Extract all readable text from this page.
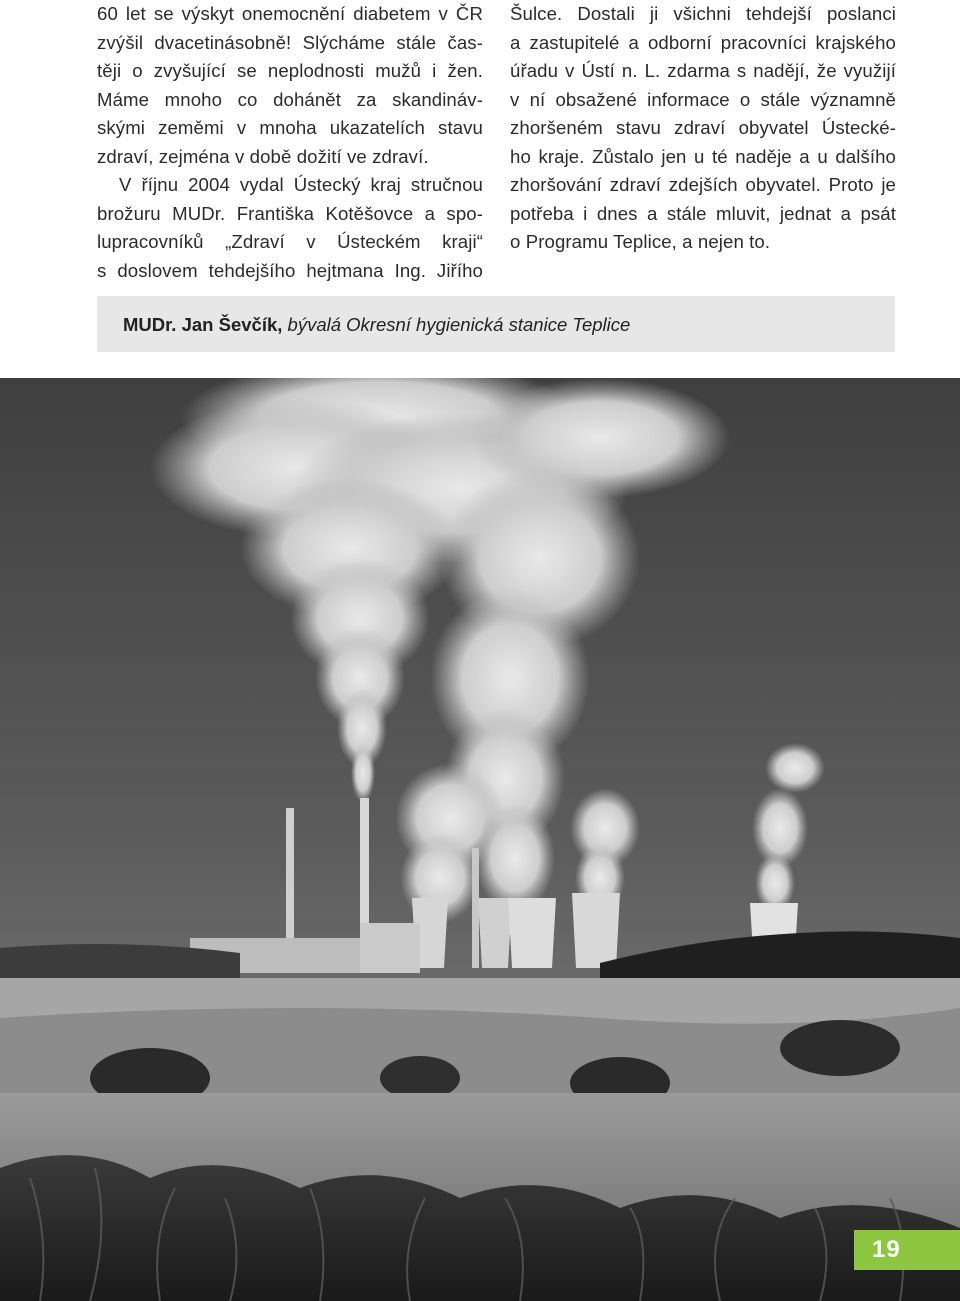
60 let se výskyt onemocnění diabetem v ČR
zvýšil dvacetinásobně! Slýcháme stále čas-
těji o zvyšující se neplodnosti mužů i žen.
Máme mnoho co dohánět za skandináv-
skými zeměmi v mnoha ukazatelích stavu
zdraví, zejména v době dožití ve zdraví.
V říjnu 2004 vydal Ústecký kraj stručnou
brožuru MUDr. Františka Kotěšovce a spo-
lupracovníků „Zdraví v Ústeckém kraji“
s doslovem tehdejšího hejtmana Ing. Jiřího
Šulce. Dostali ji všichni tehdejší poslanci
a zastupitelé a odborní pracovníci krajského
úřadu v Ústí n. L. zdarma s nadějí, že využijí
v ní obsažené informace o stále významně
zhoršeném stavu zdraví obyvatel Ústecké-
ho kraje. Zůstalo jen u té naděje a u dalšího
zhoršování zdraví zdejších obyvatel. Proto je
potřeba i dnes a stále mluvit, jednat a psát
o Programu Teplice, a nejen to.
MUDr. Jan Ševčík, bývalá Okresní hygienická stanice Teplice
19
